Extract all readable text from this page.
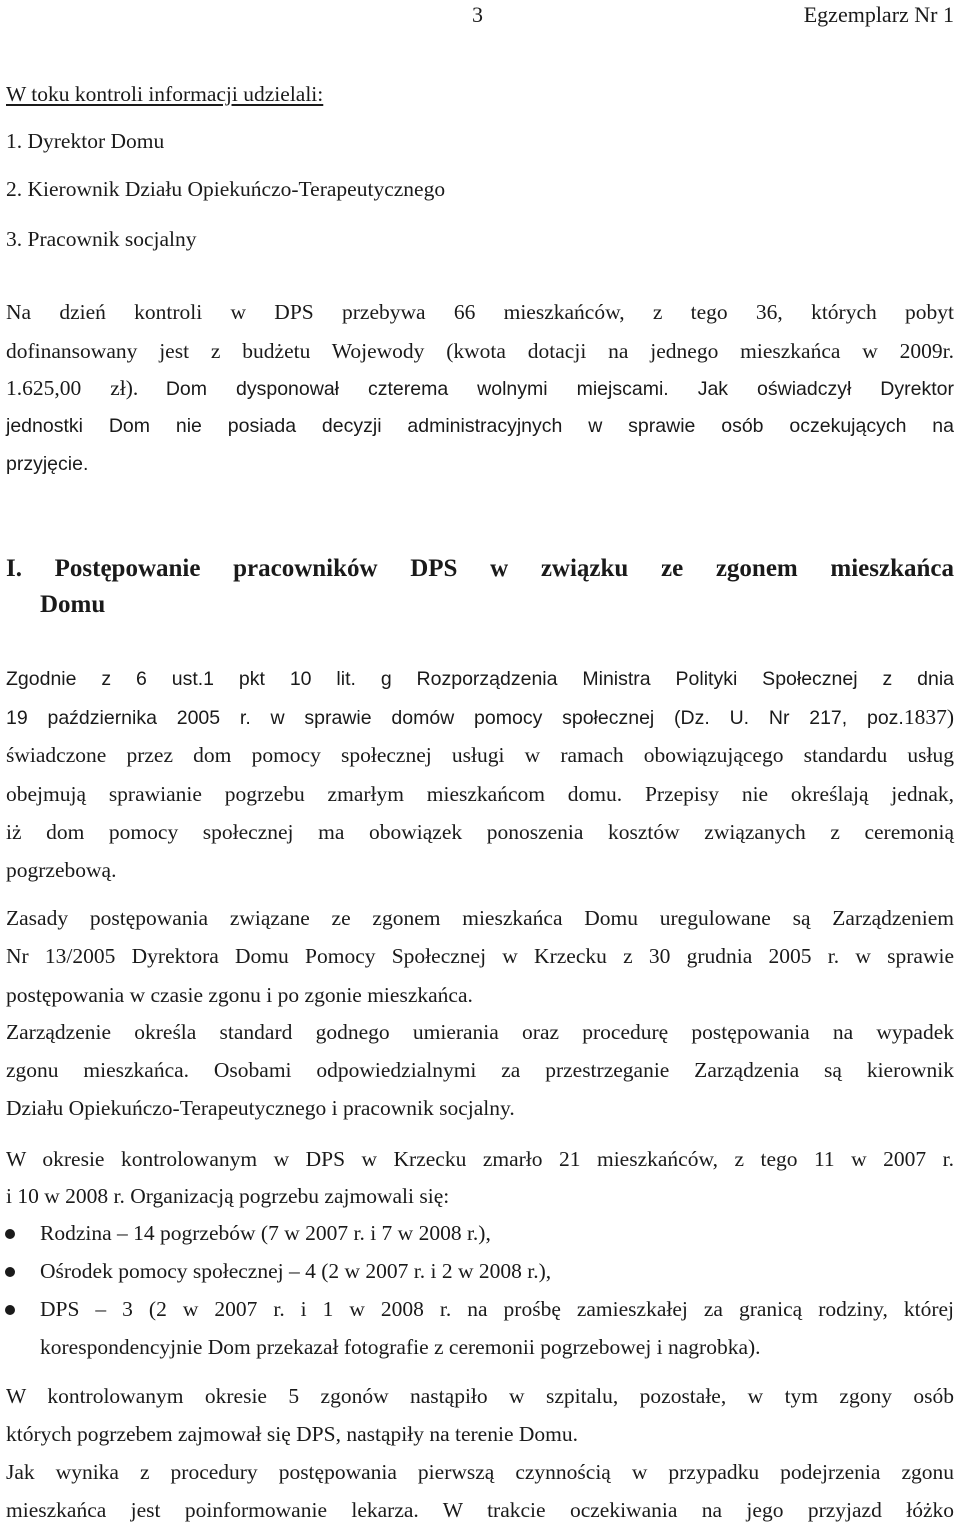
3	Egzemplarz Nr 1
W toku kontroli informacji udzielali:
1. Dyrektor Domu
2. Kierownik Działu Opiekuńczo-Terapeutycznego
3. Pracownik socjalny
Na dzień kontroli w DPS przebywa 66 mieszkańców, z tego 36, których pobyt
dofinansowany jest z budżetu Wojewody (kwota dotacji na jednego mieszkańca w 2009r.
1.625,00 zł). Dom dysponował czterema wolnymi miejscami. Jak oświadczył Dyrektor
jednostki Dom nie posiada decyzji administracyjnych w sprawie osób oczekujących na
przyjęcie.
I. Postępowanie pracowników DPS w związku ze zgonem mieszkańca
Domu
Zgodnie z 6 ust.1 pkt 10 lit. g Rozporządzenia Ministra Polityki Społecznej z dnia
19 października 2005 r. w sprawie domów pomocy społecznej (Dz. U. Nr 217, poz.1837)
świadczone przez dom pomocy społecznej usługi w ramach obowiązującego standardu usług
obejmują sprawianie pogrzebu zmarłym mieszkańcom domu. Przepisy nie określają jednak,
iż dom pomocy społecznej ma obowiązek ponoszenia kosztów związanych z ceremonią
pogrzebową.
Zasady postępowania związane ze zgonem mieszkańca Domu uregulowane są Zarządzeniem
Nr 13/2005 Dyrektora Domu Pomocy Społecznej w Krzecku z 30 grudnia 2005 r. w sprawie
postępowania w czasie zgonu i po zgonie mieszkańca.
Zarządzenie określa standard godnego umierania oraz procedurę postępowania na wypadek
zgonu mieszkańca. Osobami odpowiedzialnymi za przestrzeganie Zarządzenia są kierownik
Działu Opiekuńczo-Terapeutycznego i pracownik socjalny.
W okresie kontrolowanym w DPS w Krzecku zmarło 21 mieszkańców, z tego 11 w 2007 r.
i 10 w 2008 r. Organizacją pogrzebu zajmowali się:
Rodzina – 14 pogrzebów (7 w 2007 r. i 7 w 2008 r.),
Ośrodek pomocy społecznej – 4 (2 w 2007 r. i 2 w 2008 r.),
DPS – 3 (2 w 2007 r. i 1 w 2008 r. na prośbę zamieszkałej za granicą rodziny, której
korespondencyjnie Dom przekazał fotografie z ceremonii pogrzebowej i nagrobka).
W kontrolowanym okresie 5 zgonów nastąpiło w szpitalu, pozostałe, w tym zgony osób
których pogrzebem zajmował się DPS, nastąpiły na terenie Domu.
Jak wynika z procedury postępowania pierwszą czynnością w przypadku podejrzenia zgonu
mieszkańca jest poinformowanie lekarza. W trakcie oczekiwania na jego przyjazd łóżko
